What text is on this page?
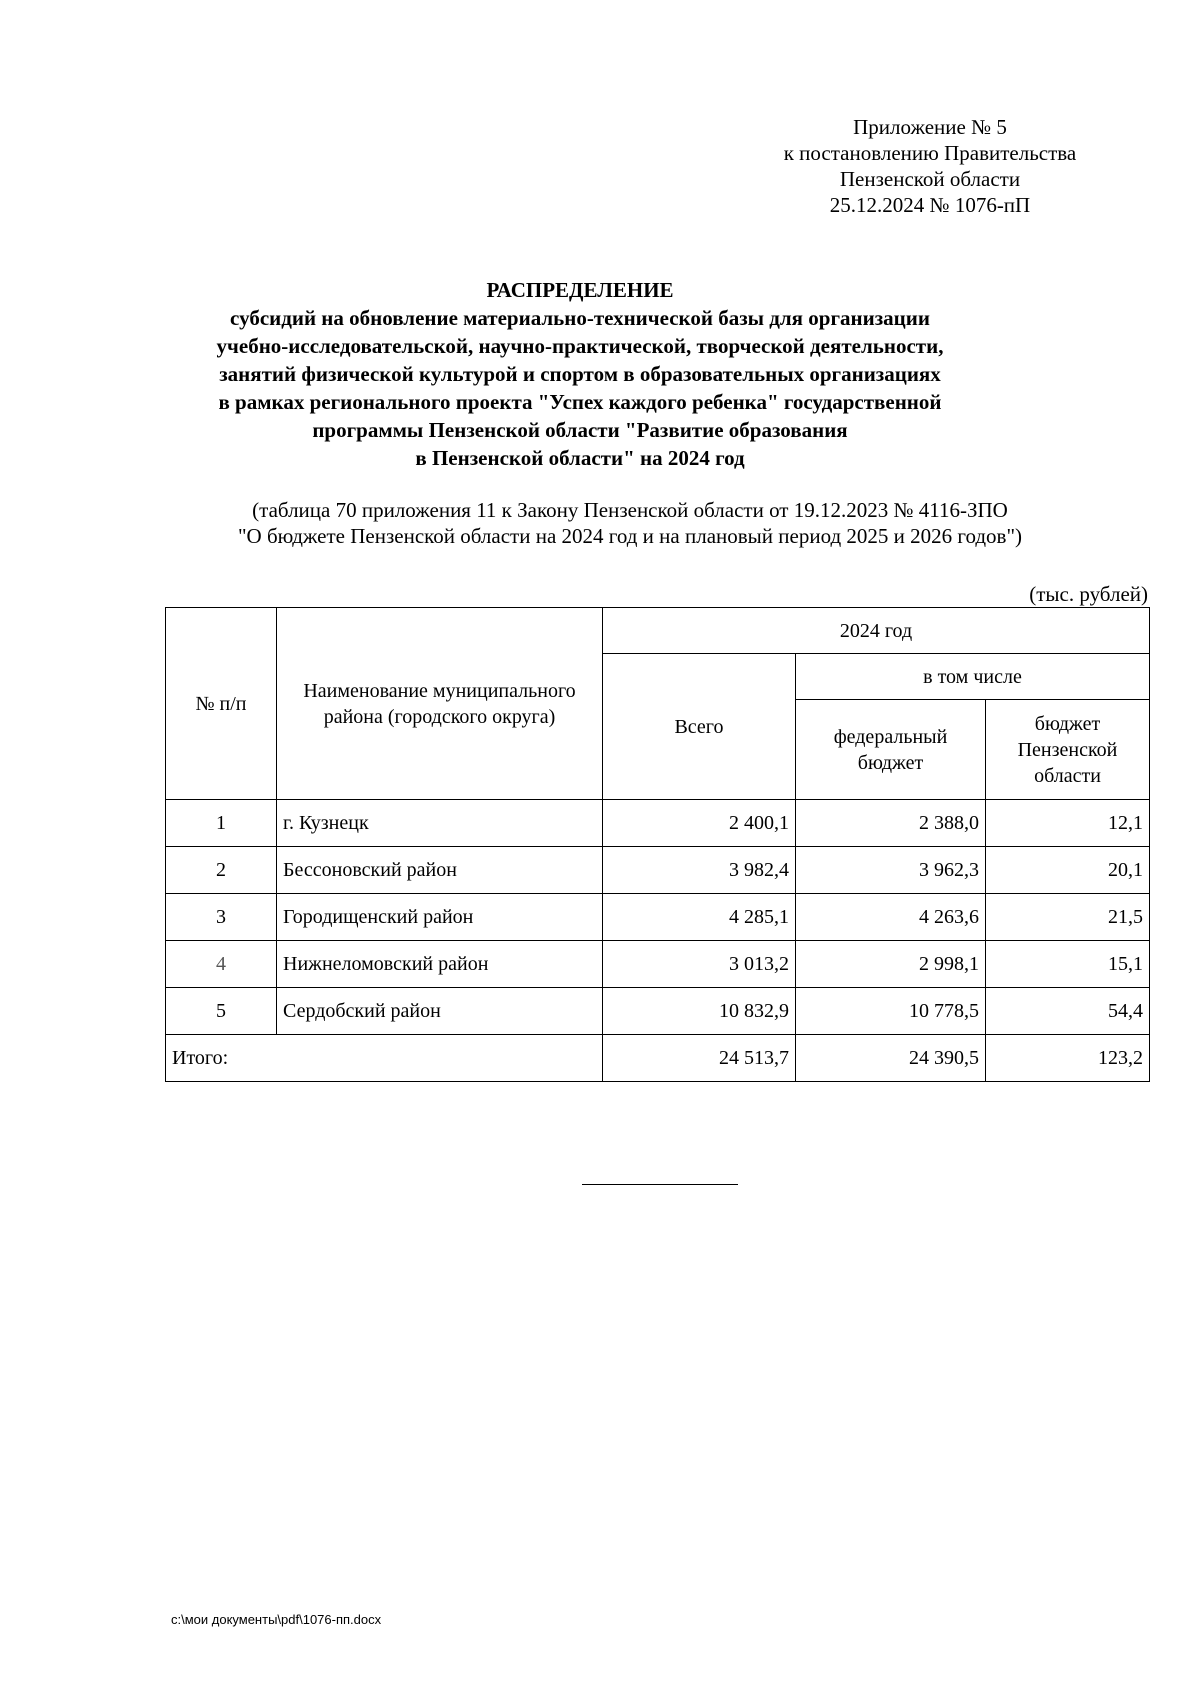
Приложение № 5
к постановлению Правительства
Пензенской области
25.12.2024 № 1076-пП
РАСПРЕДЕЛЕНИЕ
субсидий на обновление материально-технической базы для организации
учебно-исследовательской, научно-практической, творческой деятельности,
занятий физической культурой и спортом в образовательных организациях
в рамках регионального проекта "Успех каждого ребенка" государственной
программы Пензенской области "Развитие образования
в Пензенской области" на 2024 год
(таблица 70 приложения 11 к Закону Пензенской области от 19.12.2023 № 4116-ЗПО
"О бюджете Пензенской области на 2024 год и на плановый период 2025 и 2026 годов")
(тыс. рублей)
№ п/п	Наименование муниципального района (городского округа)	2024 год		
		Всего	в том числе	
			федеральный бюджет	бюджет Пензенской области
1	г. Кузнецк	2 400,1	2 388,0	12,1
2	Бессоновский район	3 982,4	3 962,3	20,1
3	Городищенский район	4 285,1	4 263,6	21,5
4	Нижнеломовский район	3 013,2	2 998,1	15,1
5	Сердобский район	10 832,9	10 778,5	54,4
Итого:		24 513,7	24 390,5	123,2
c:\мои документы\pdf\1076-пп.docx
